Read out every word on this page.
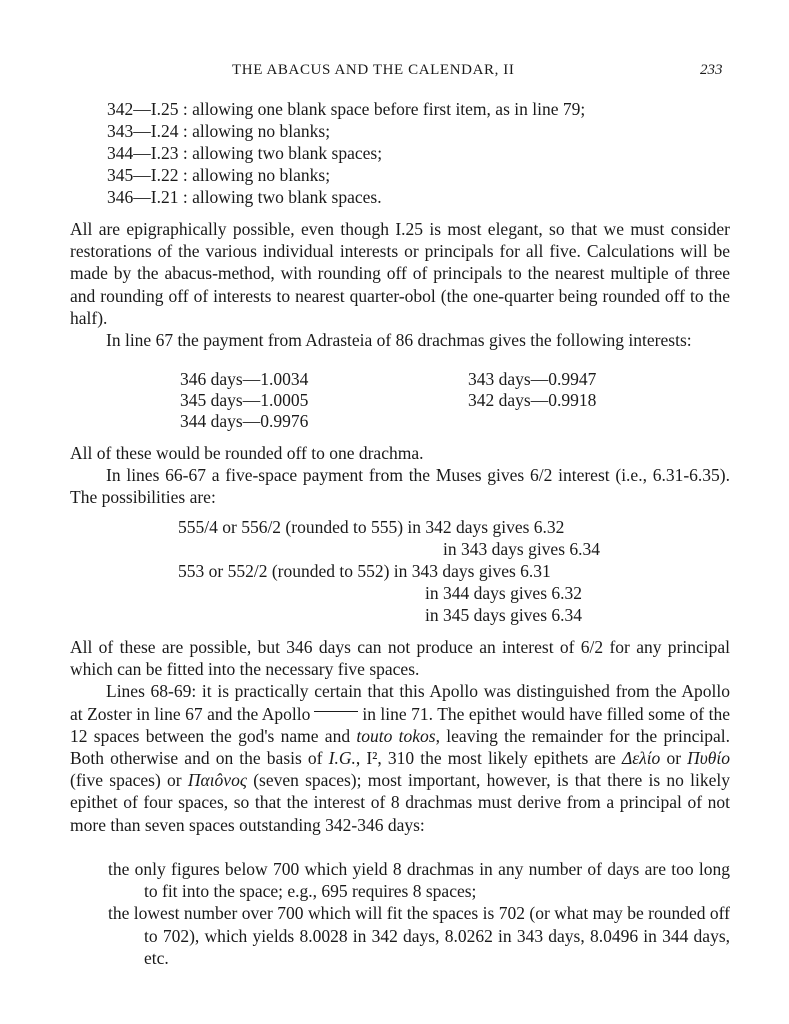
THE ABACUS AND THE CALENDAR, II	233
342—I.25 : allowing one blank space before first item, as in line 79;
343—I.24 : allowing no blanks;
344—I.23 : allowing two blank spaces;
345—I.22 : allowing no blanks;
346—I.21 : allowing two blank spaces.

All are epigraphically possible, even though I.25 is most elegant, so that we must consider restorations of the various individual interests or principals for all five. Calculations will be made by the abacus-method, with rounding off of principals to the nearest multiple of three and rounding off of interests to nearest quarter-obol (the one-quarter being rounded off to the half).

In line 67 the payment from Adrasteia of 86 drachmas gives the following interests:

346 days—1.0034
345 days—1.0005
344 days—0.9976
343 days—0.9947
342 days—0.9918

All of these would be rounded off to one drachma.

In lines 66-67 a five-space payment from the Muses gives 6/2 interest (i.e., 6.31-6.35). The possibilities are:

555/4 or 556/2 (rounded to 555) in 342 days gives 6.32
in 343 days gives 6.34
553 or 552/2 (rounded to 552) in 343 days gives 6.31
in 344 days gives 6.32
in 345 days gives 6.34

All of these are possible, but 346 days can not produce an interest of 6/2 for any principal which can be fitted into the necessary five spaces.

Lines 68-69: it is practically certain that this Apollo was distinguished from the Apollo at Zoster in line 67 and the Apollo	in line 71. The epithet would have filled some of the 12 spaces between the god's name and touto tokos, leaving the remainder for the principal. Both otherwise and on the basis of I.G., I², 310 the most likely epithets are Δελίο or Πυθίο (five spaces) or Παιôνος (seven spaces); most important, however, is that there is no likely epithet of four spaces, so that the interest of 8 drachmas must derive from a principal of not more than seven spaces outstanding 342-346 days:

the only figures below 700 which yield 8 drachmas in any number of days are too long to fit into the space; e.g., 695 requires 8 spaces;

the lowest number over 700 which will fit the spaces is 702 (or what may be rounded off to 702), which yields 8.0028 in 342 days, 8.0262 in 343 days, 8.0496 in 344 days, etc.
